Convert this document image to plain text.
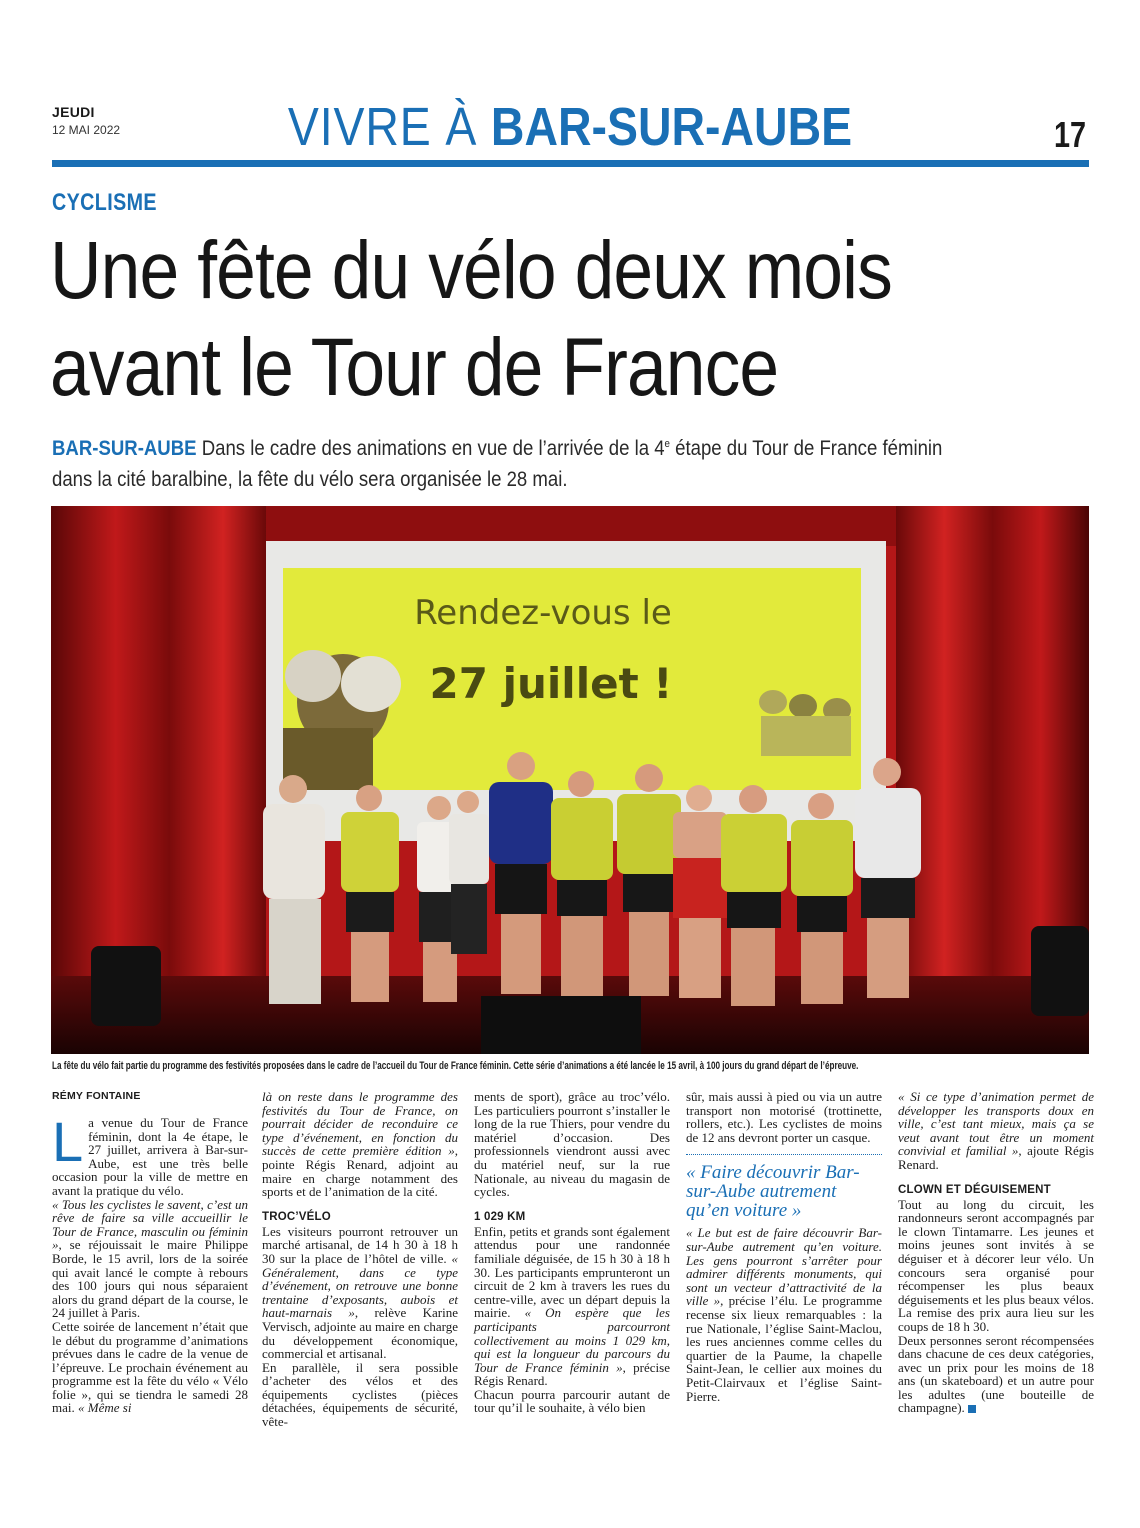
JEUDI
12 MAI 2022	VIVRE À BAR-SUR-AUBE	17
CYCLISME
Une fête du vélo deux mois
avant le Tour de France
BAR-SUR-AUBE Dans le cadre des animations en vue de l’arrivée de la 4e étape du Tour de France féminin dans la cité baralbine, la fête du vélo sera organisée le 28 mai.
Rendez-vous le
27 juillet !
La fête du vélo fait partie du programme des festivités proposées dans le cadre de l’accueil du Tour de France féminin. Cette série d’animations a été lancée le 15 avril, à 100 jours du grand départ de l’épreuve.

RÉMY FONTAINE

La venue du Tour de France féminin, dont la 4e étape, le 27 juillet, arrivera à Bar-sur-Aube, est une très belle occasion pour la ville de mettre en avant la pratique du vélo.

« Tous les cyclistes le savent, c’est un rêve de faire sa ville accueillir le Tour de France, masculin ou féminin », se réjouissait le maire Philippe Borde, le 15 avril, lors de la soirée qui avait lancé le compte à rebours des 100 jours qui nous séparaient alors du grand départ de la course, le 24 juillet à Paris.

Cette soirée de lancement n’était que le début du programme d’animations prévues dans le cadre de la venue de l’épreuve. Le prochain événement au programme est la fête du vélo « Vélo folie », qui se tiendra le samedi 28 mai. « Même si

là on reste dans le programme des festivités du Tour de France, on pourrait décider de reconduire ce type d’événement, en fonction du succès de cette première édition », pointe Régis Renard, adjoint au maire en charge notamment des sports et de l’animation de la cité.

TROC’VÉLO

Les visiteurs pourront retrouver un marché artisanal, de 14 h 30 à 18 h 30 sur la place de l’hôtel de ville. « Généralement, dans ce type d’événement, on retrouve une bonne trentaine d’exposants, aubois et haut-marnais », relève Karine Vervisch, adjointe au maire en charge du développement économique, commercial et artisanal.

En parallèle, il sera possible d’acheter des vélos et des équipements cyclistes (pièces détachées, équipements de sécurité, vête-

ments de sport), grâce au troc’vélo. Les particuliers pourront s’installer le long de la rue Thiers, pour vendre du matériel d’occasion. Des professionnels viendront aussi avec du matériel neuf, sur la rue Nationale, au niveau du magasin de cycles.

1 029 KM

Enfin, petits et grands sont également attendus pour une randonnée familiale déguisée, de 15 h 30 à 18 h 30. Les participants emprunteront un circuit de 2 km à travers les rues du centre-ville, avec un départ depuis la mairie. « On espère que les participants parcourront collectivement au moins 1 029 km, qui est la longueur du parcours du Tour de France féminin », précise Régis Renard.

Chacun pourra parcourir autant de tour qu’il le souhaite, à vélo bien

sûr, mais aussi à pied ou via un autre transport non motorisé (trottinette, rollers, etc.). Les cyclistes de moins de 12 ans devront porter un casque.

« Faire découvrir Bar-sur-Aube autrement qu’en voiture »

« Le but est de faire découvrir Bar-sur-Aube autrement qu’en voiture. Les gens pourront s’arrêter pour admirer différents monuments, qui sont un vecteur d’attractivité de la ville », précise l’élu. Le programme recense six lieux remarquables : la rue Nationale, l’église Saint-Maclou, les rues anciennes comme celles du quartier de la Paume, la chapelle Saint-Jean, le cellier aux moines du Petit-Clairvaux et l’église Saint-Pierre.

« Si ce type d’animation permet de développer les transports doux en ville, c’est tant mieux, mais ça se veut avant tout être un moment convivial et familial », ajoute Régis Renard.

CLOWN ET DÉGUISEMENT

Tout au long du circuit, les randonneurs seront accompagnés par le clown Tintamarre. Les jeunes et moins jeunes sont invités à se déguiser et à décorer leur vélo. Un concours sera organisé pour récompenser les plus beaux déguisements et les plus beaux vélos. La remise des prix aura lieu sur les coups de 18 h 30.

Deux personnes seront récompensées dans chacune de ces deux catégories, avec un prix pour les moins de 18 ans (un skateboard) et un autre pour les adultes (une bouteille de champagne).
